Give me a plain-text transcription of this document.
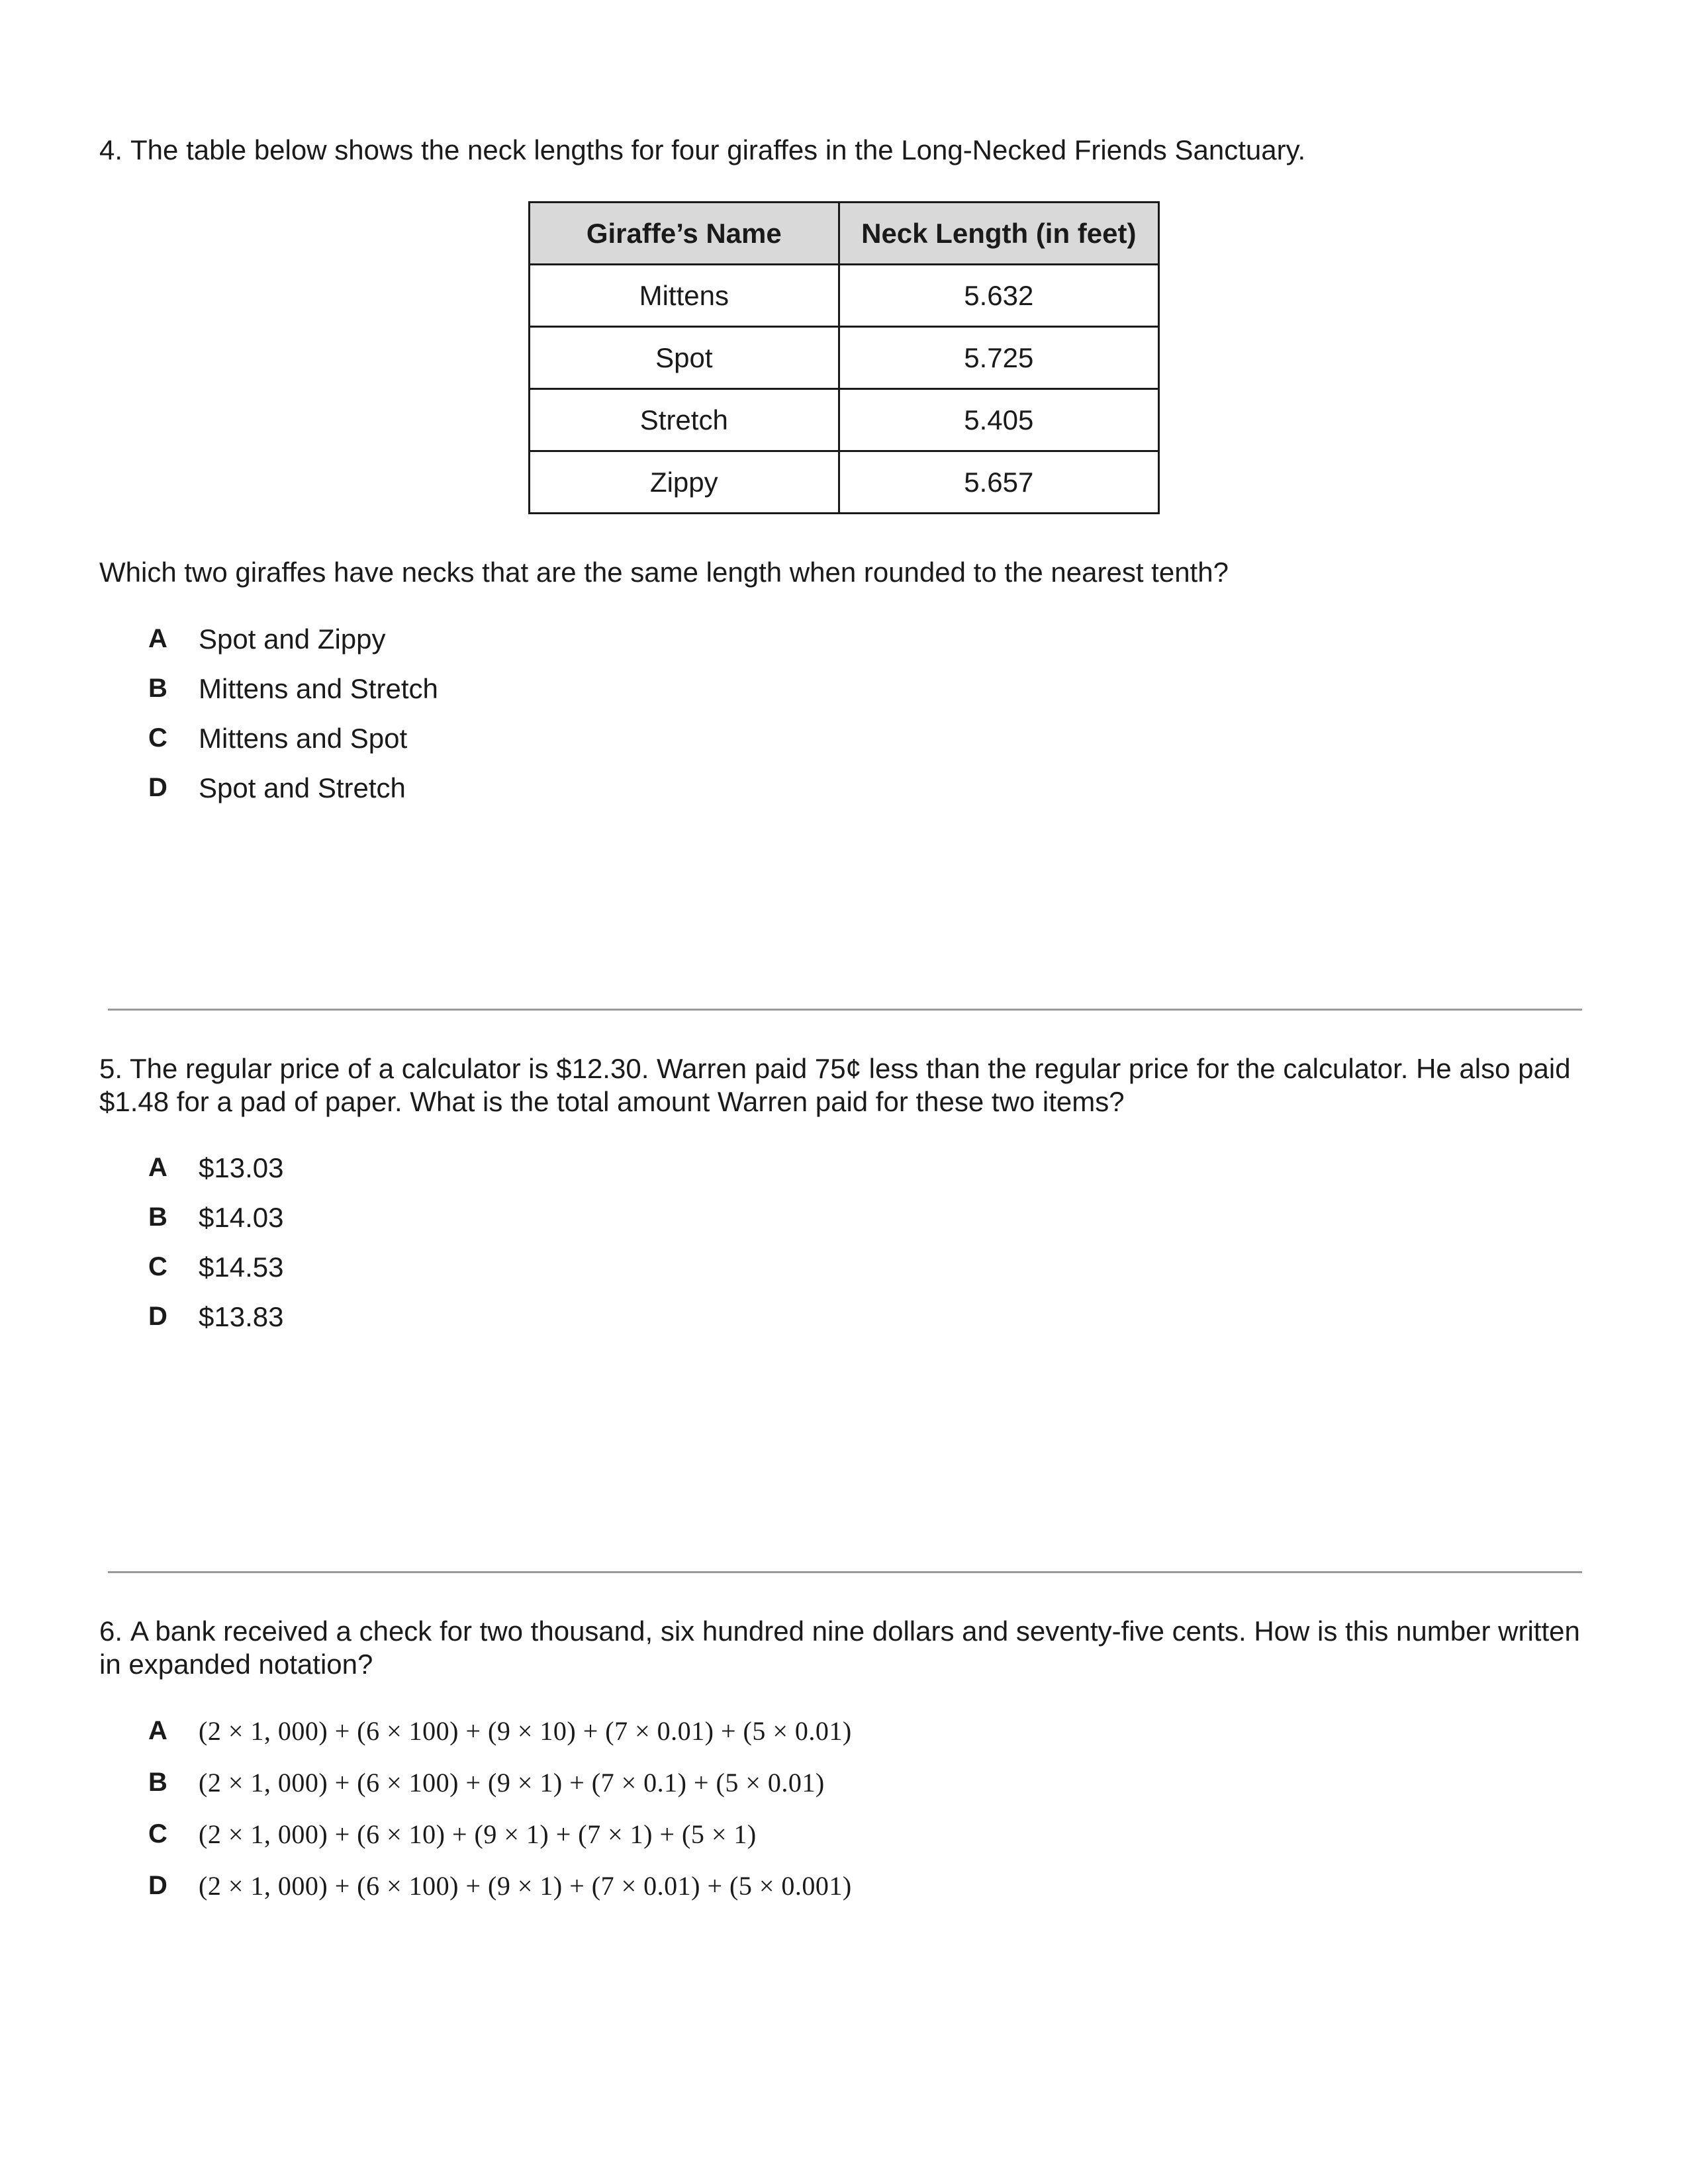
4. The table below shows the neck lengths for four giraffes in the Long-Necked Friends Sanctuary.

Giraffe’s Name	Neck Length (in feet)
Mittens	5.632
Spot	5.725
Stretch	5.405
Zippy	5.657

Which two giraffes have necks that are the same length when rounded to the nearest tenth?

A	Spot and Zippy
B	Mittens and Stretch
C	Mittens and Spot
D	Spot and Stretch

5. The regular price of a calculator is $12.30. Warren paid 75¢ less than the regular price for the calculator. He also paid $1.48 for a pad of paper. What is the total amount Warren paid for these two items?

A	$13.03
B	$14.03
C	$14.53
D	$13.83

6. A bank received a check for two thousand, six hundred nine dollars and seventy-five cents. How is this number written in expanded notation?

A	(2 × 1, 000) + (6 × 100) + (9 × 10) + (7 × 0.01) + (5 × 0.01)
B	(2 × 1, 000) + (6 × 100) + (9 × 1) + (7 × 0.1) + (5 × 0.01)
C	(2 × 1, 000) + (6 × 10) + (9 × 1) + (7 × 1) + (5 × 1)
D	(2 × 1, 000) + (6 × 100) + (9 × 1) + (7 × 0.01) + (5 × 0.001)
